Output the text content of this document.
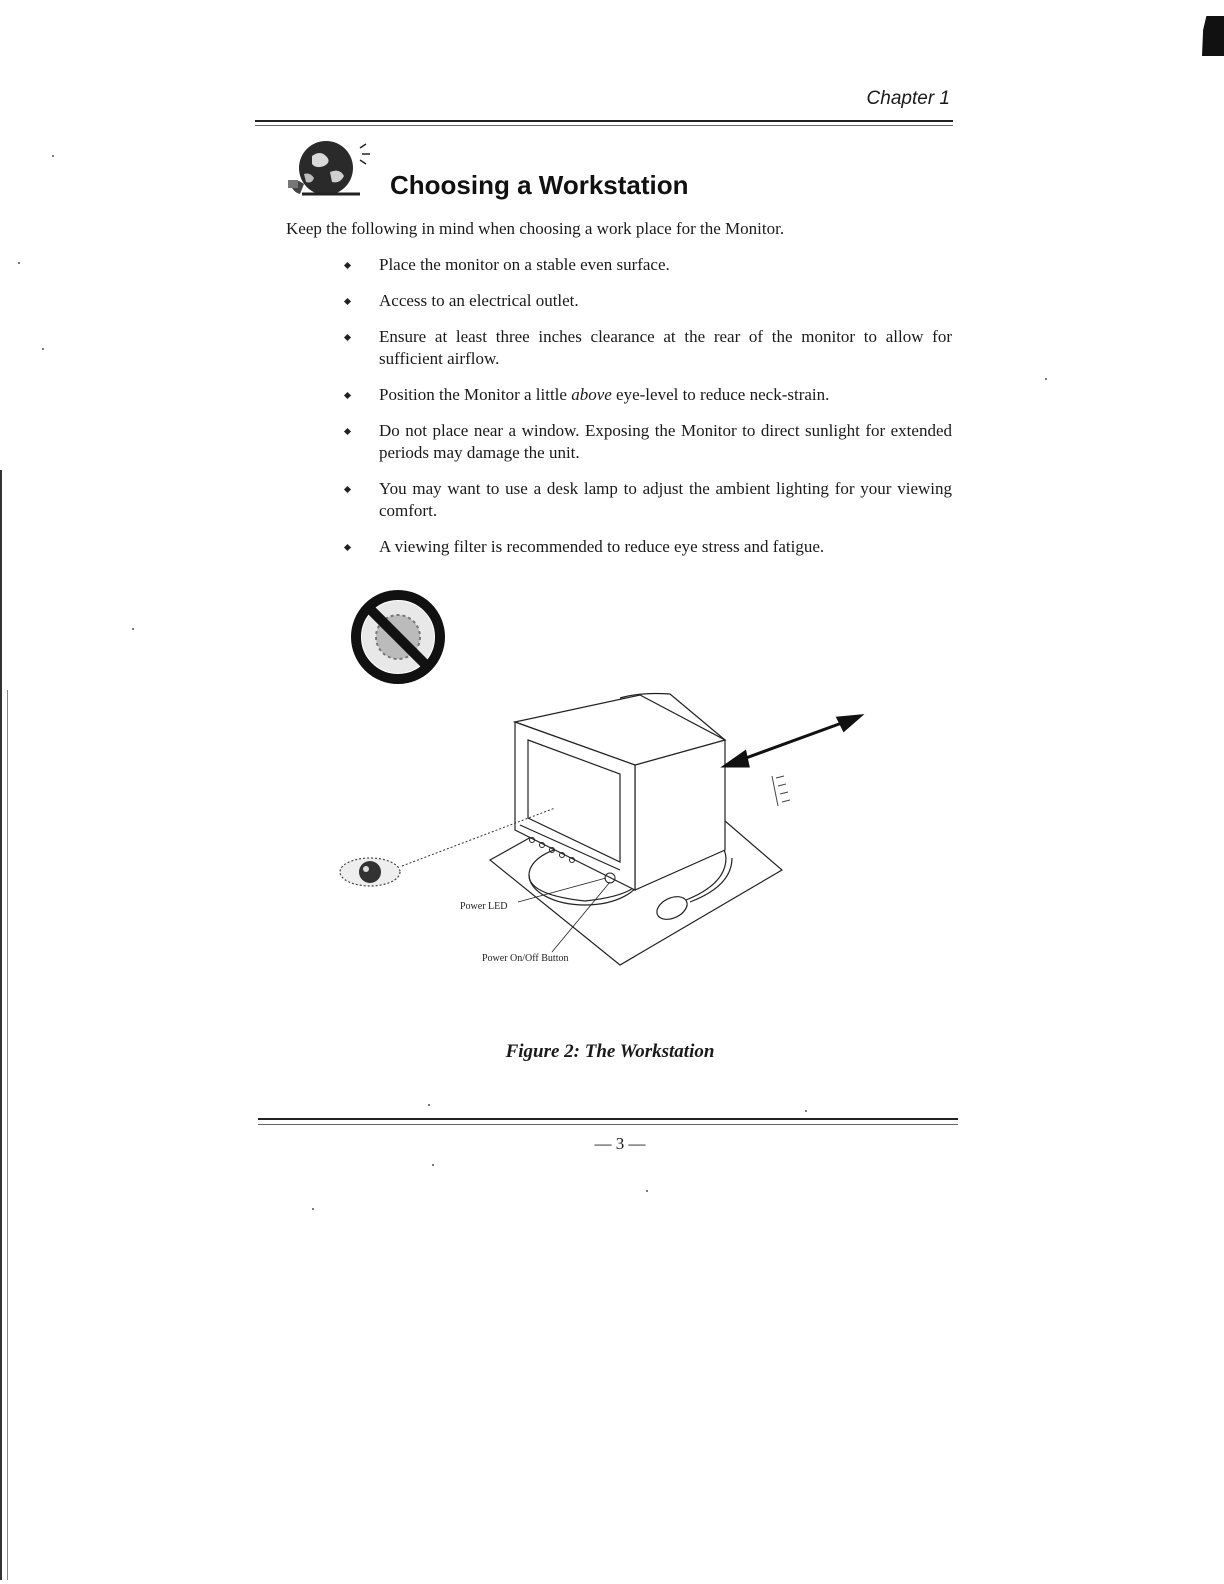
Chapter 1
Choosing a Workstation
Keep the following in mind when choosing a work place for the Monitor.
Place the monitor on a stable even surface.
Access to an electrical outlet.
Ensure at least three inches clearance at the rear of the monitor to allow for sufficient airflow.
Position the Monitor a little above eye-level to reduce neck-strain.
Do not place near a window. Exposing the Monitor to direct sunlight for extended periods may damage the unit.
You may want to use a desk lamp to adjust the ambient lighting for your viewing comfort.
A viewing filter is recommended to reduce eye stress and fatigue.
Power LED
Power On/Off Button
Figure 2: The Workstation
— 3 —
